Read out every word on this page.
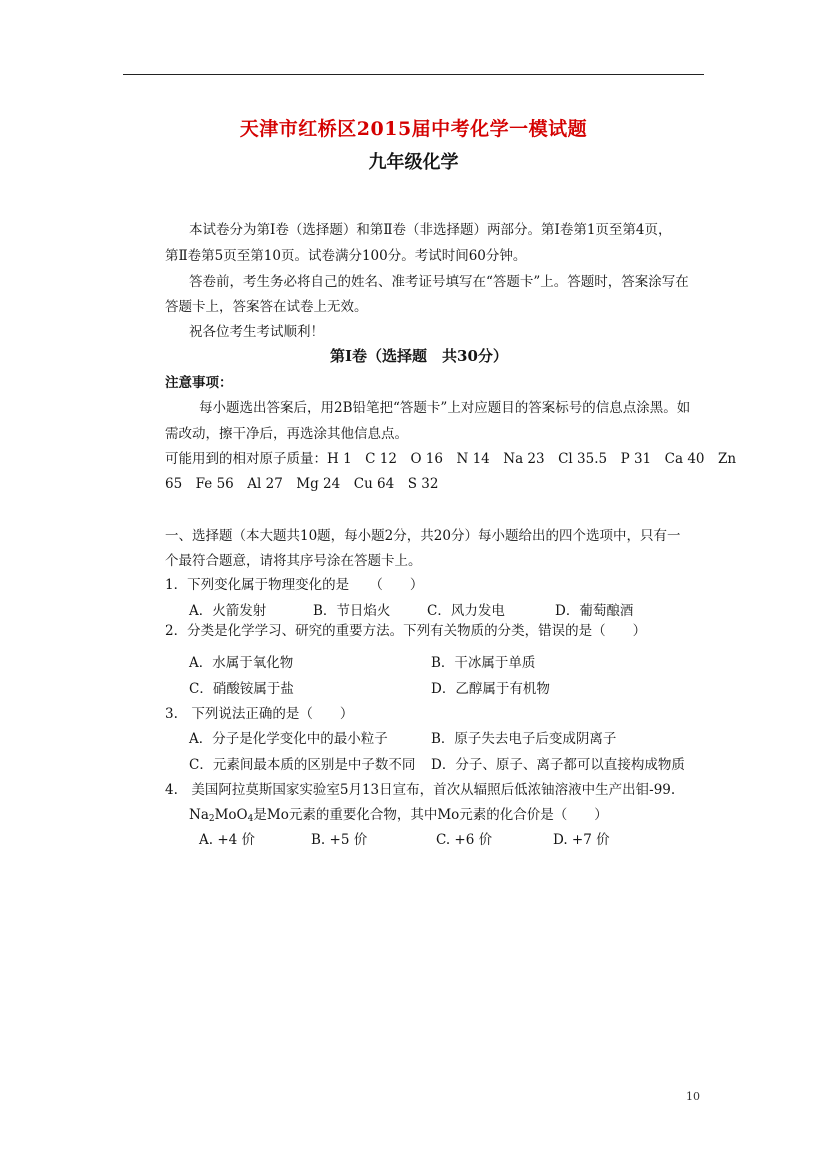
天津市红桥区2015届中考化学一模试题
九年级化学
本试卷分为第Ⅰ卷（选择题）和第Ⅱ卷（非选择题）两部分。第Ⅰ卷第1页至第4页，
第Ⅱ卷第5页至第10页。试卷满分100分。考试时间60分钟。
答卷前，考生务必将自己的姓名、准考证号填写在“答题卡”上。答题时，答案涂写在
答题卡上，答案答在试卷上无效。
祝各位考生考试顺利！
第Ⅰ卷（选择题　共30分）
注意事项：
每小题选出答案后，用2B铅笔把“答题卡”上对应题目的答案标号的信息点涂黑。如
需改动，擦干净后，再选涂其他信息点。
可能用到的相对原子质量：H 1　C 12　O 16　N 14　Na 23　Cl 35.5　P 31　Ca 40　Zn
65　Fe 56　Al 27　Mg 24　Cu 64　S 32
一、选择题（本大题共10题，每小题2分，共20分）每小题给出的四个选项中，只有一
个最符合题意，请将其序号涂在答题卡上。
1．下列变化属于物理变化的是　　（　　）
A．火箭发射	B．节日焰火	C．风力发电	D．葡萄酿酒
2．分类是化学学习、研究的重要方法。下列有关物质的分类，错误的是（　　）
A．水属于氧化物	B．干冰属于单质
C．硝酸铵属于盐	D．乙醇属于有机物
3.　下列说法正确的是（　　）
A．分子是化学变化中的最小粒子	B．原子失去电子后变成阴离子
C．元素间最本质的区别是中子数不同 D．分子、原子、离子都可以直接构成物质
4.　美国阿拉莫斯国家实验室5月13日宣布，首次从辐照后低浓铀溶液中生产出钼-99.
$Na_2MoO_4$是Mo元素的重要化合物，其中Mo元素的化合价是（　　）
A. +4 价	B. +5 价	C. +6 价	D. +7 价
10
